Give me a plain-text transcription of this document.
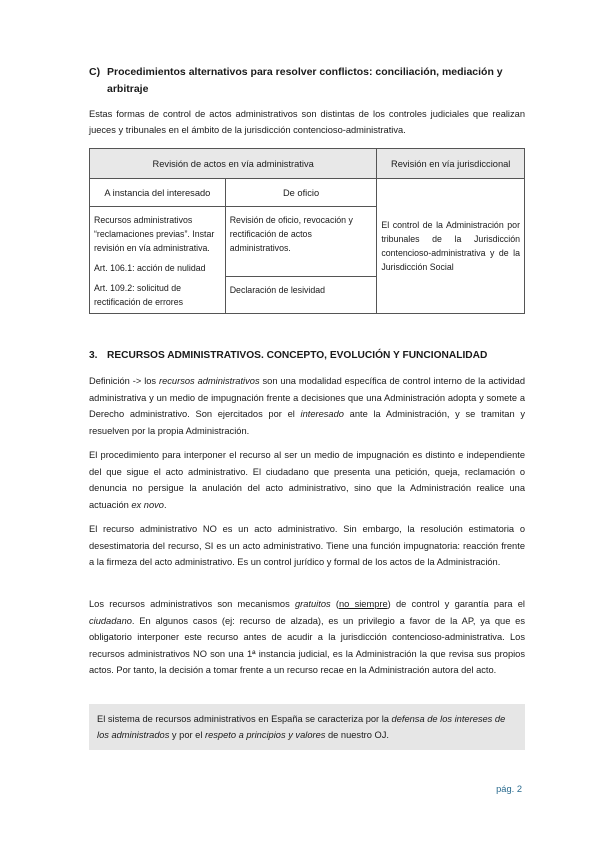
C) Procedimientos alternativos para resolver conflictos: conciliación, mediación y
arbitraje

Estas formas de control de actos administrativos son distintas de los controles judiciales que realizan jueces y tribunales en el ámbito de la jurisdicción contencioso-administrativa.

Revisión de actos en vía administrativa		Revisión en vía jurisdiccional
A instancia del interesado	De oficio	El control de la Administración por tribunales de la Jurisdicción contencioso-administrativa y de la Jurisdicción Social

Recursos administrativos “reclamaciones previas”. Instar revisión en vía administrativa.
Art. 106.1: acción de nulidad
Art. 109.2: solicitud de rectificación de errores	Revisión de oficio, revocación y rectificación de actos administrativos.	
	Declaración de lesividad	
3. RECURSOS ADMINISTRATIVOS. CONCEPTO, EVOLUCIÓN Y FUNCIONALIDAD

Definición -> los recursos administrativos son una modalidad específica de control interno de la actividad administrativa y un medio de impugnación frente a decisiones que una Administración adopta y somete a Derecho administrativo. Son ejercitados por el interesado ante la Administración, y se tramitan y resuelven por la propia Administración.

El procedimiento para interponer el recurso al ser un medio de impugnación es distinto e independiente del que sigue el acto administrativo. El ciudadano que presenta una petición, queja, reclamación o denuncia no persigue la anulación del acto administrativo, sino que la Administración realice una actuación ex novo.

El recurso administrativo NO es un acto administrativo. Sin embargo, la resolución estimatoria o desestimatoria del recurso, SI es un acto administrativo. Tiene una función impugnatoria: reacción frente a la firmeza del acto administrativo. Es un control jurídico y formal de los actos de la Administración.

Los recursos administrativos son mecanismos gratuitos (no siempre) de control y garantía para el ciudadano. En algunos casos (ej: recurso de alzada), es un privilegio a favor de la AP, ya que es obligatorio interponer este recurso antes de acudir a la jurisdicción contencioso-administrativa. Los recursos administrativos NO son una 1ª instancia judicial, es la Administración la que revisa sus propios actos. Por tanto, la decisión a tomar frente a un recurso recae en la Administración autora del acto.

El sistema de recursos administrativos en España se caracteriza por la defensa de los intereses de los administrados y por el respeto a principios y valores de nuestro OJ.
pág. 2
